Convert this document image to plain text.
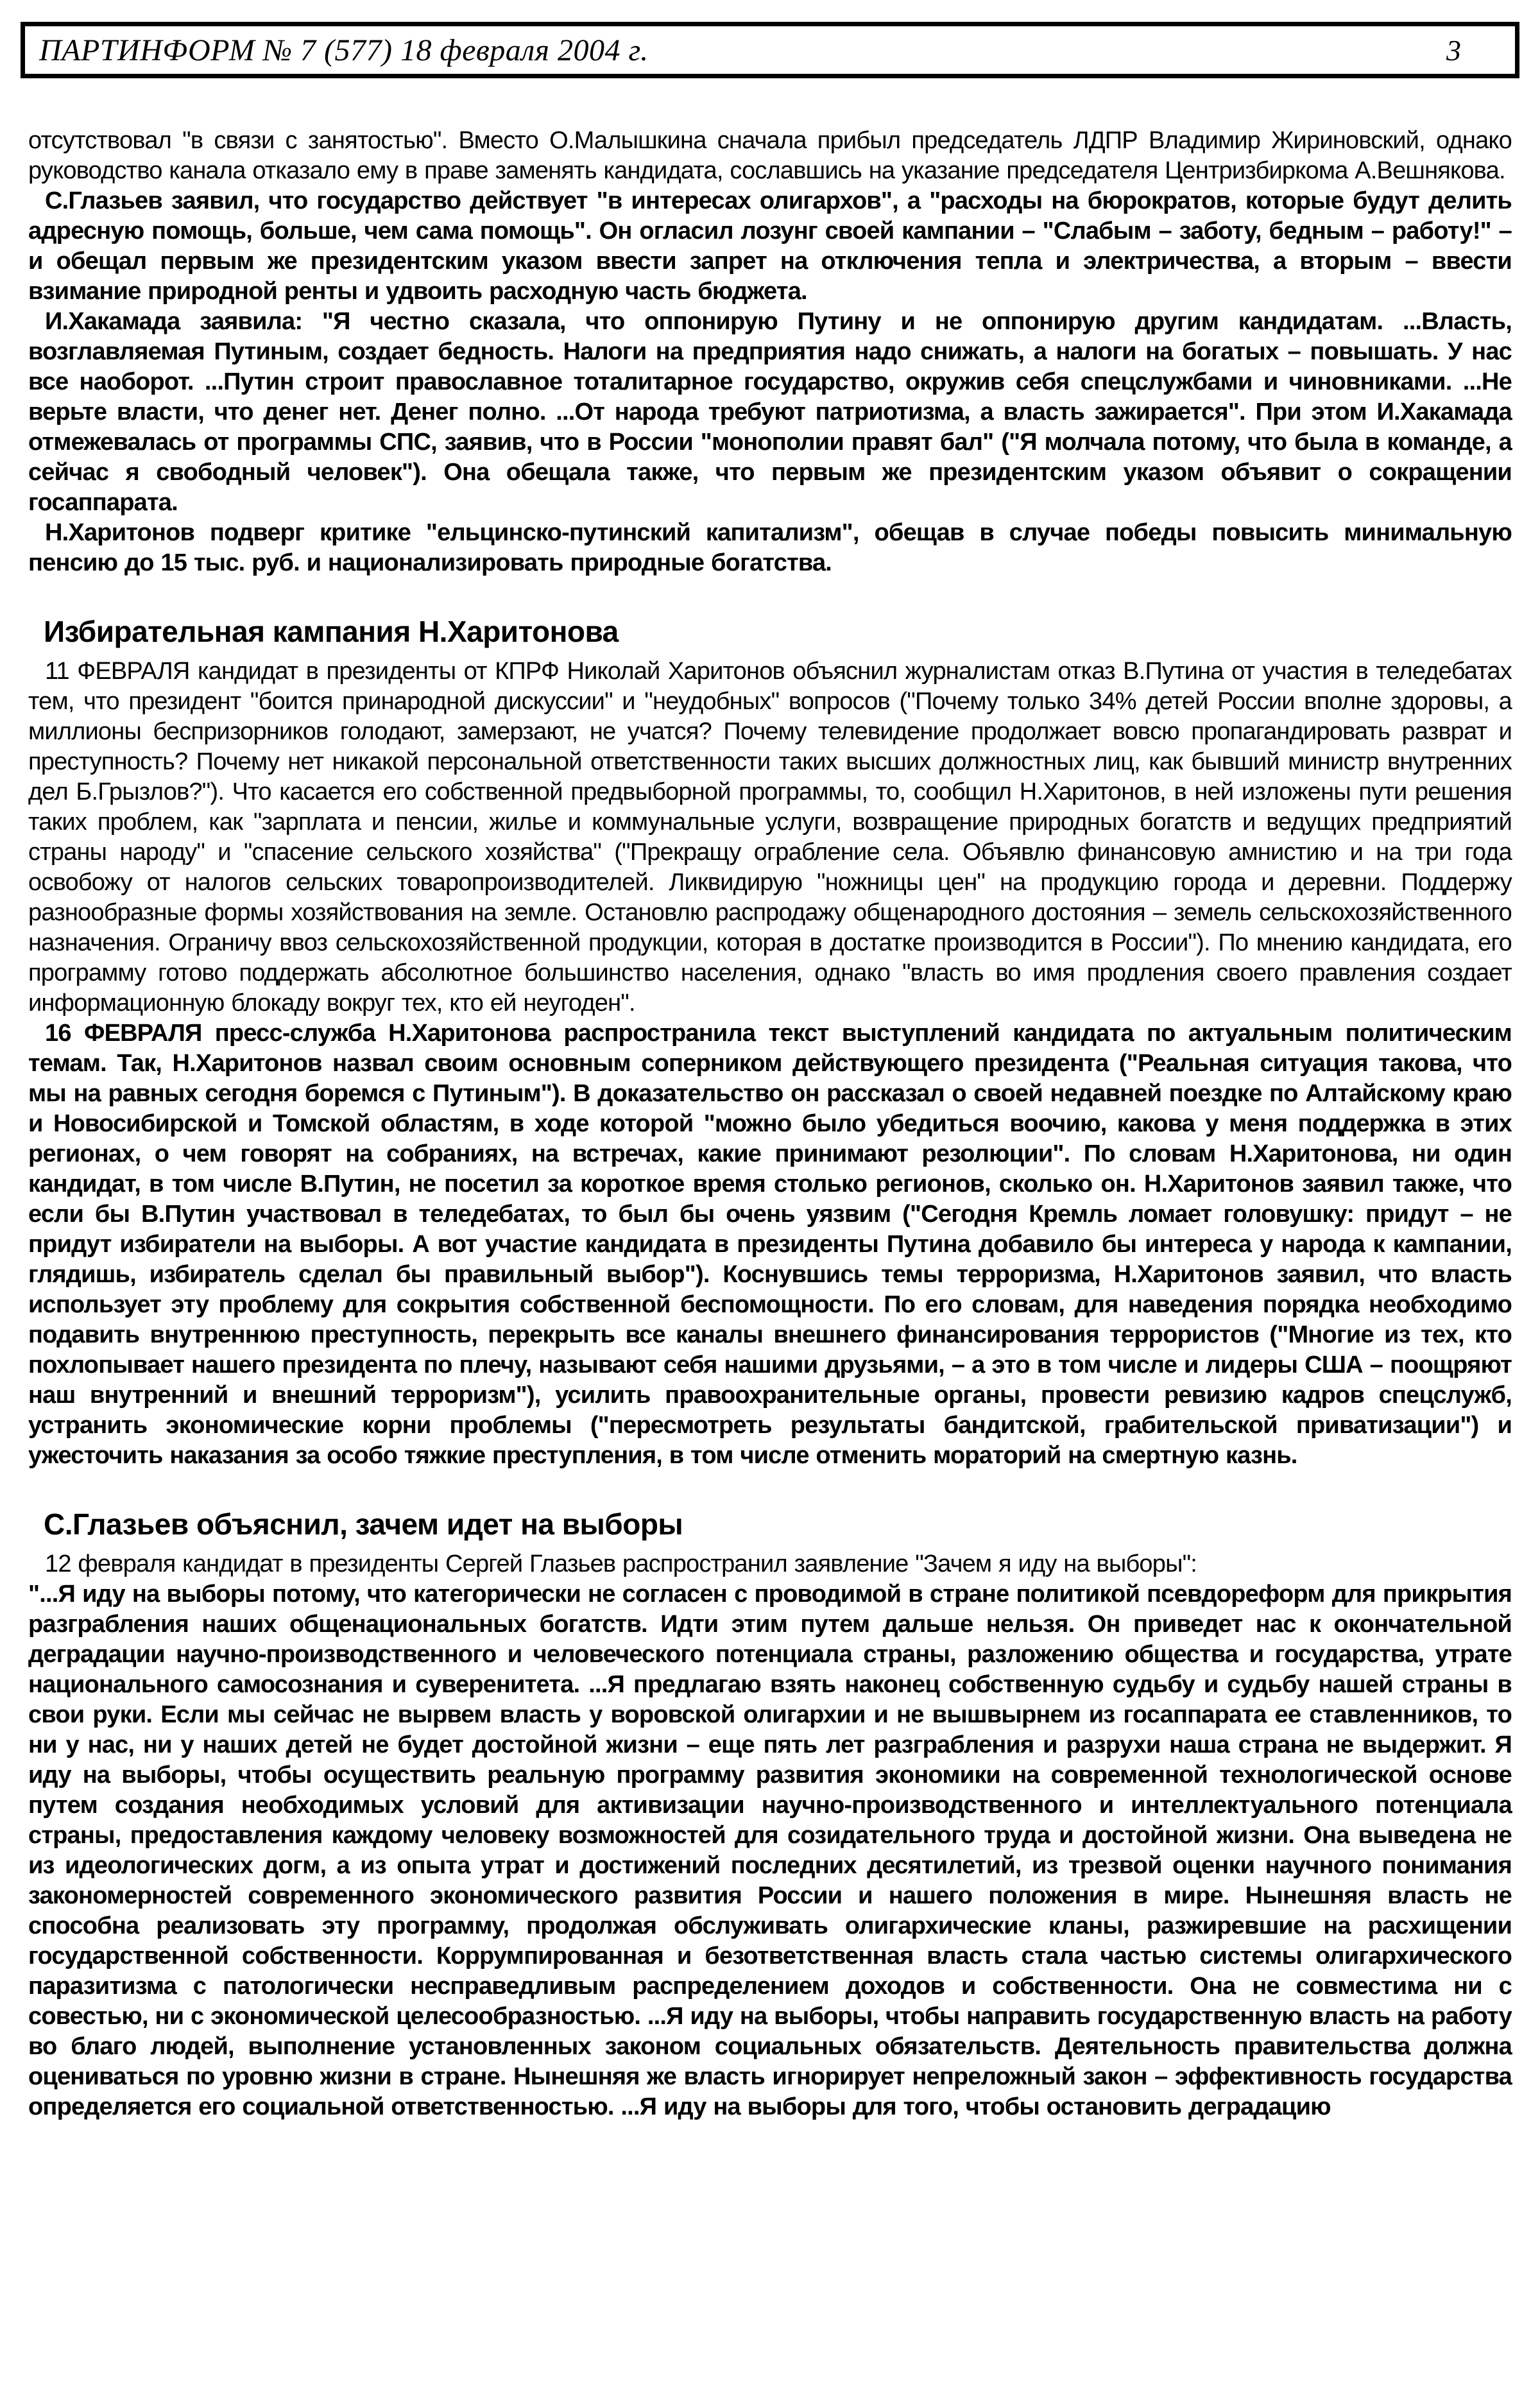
ПАРТИНФОРМ № 7 (577) 18 февраля 2004 г.	3

отсутствовал "в связи с занятостью". Вместо О.Малышкина сначала прибыл председатель ЛДПР Владимир Жириновский, однако руководство канала отказало ему в праве заменять кандидата, сославшись на указание председателя Центризбиркома А.Вешнякова.

С.Глазьев заявил, что государство действует "в интересах олигархов", а "расходы на бюрократов, которые будут делить адресную помощь, больше, чем сама помощь". Он огласил лозунг своей кампании – "Слабым – заботу, бедным – работу!" – и обещал первым же президентским указом ввести запрет на отключения тепла и электричества, а вторым – ввести взимание природной ренты и удвоить расходную часть бюджета.

И.Хакамада заявила: "Я честно сказала, что оппонирую Путину и не оппонирую другим кандидатам. ...Власть, возглавляемая Путиным, создает бедность. Налоги на предприятия надо снижать, а налоги на богатых – повышать. У нас все наоборот. ...Путин строит православное тоталитарное государство, окружив себя спецслужбами и чиновниками. ...Не верьте власти, что денег нет. Денег полно. ...От народа требуют патриотизма, а власть зажирается". При этом И.Хакамада отмежевалась от программы СПС, заявив, что в России "монополии правят бал" ("Я молчала потому, что была в команде, а сейчас я свободный человек"). Она обещала также, что первым же президентским указом объявит о сокращении госаппарата.

Н.Харитонов подверг критике "ельцинско-путинский капитализм", обещав в случае победы повысить минимальную пенсию до 15 тыс. руб. и национализировать природные богатства.

Избирательная кампания Н.Харитонова

11 ФЕВРАЛЯ кандидат в президенты от КПРФ Николай Харитонов объяснил журналистам отказ В.Путина от участия в теледебатах тем, что президент "боится принародной дискуссии" и "неудобных" вопросов ("Почему только 34% детей России вполне здоровы, а миллионы беспризорников голодают, замерзают, не учатся? Почему телевидение продолжает вовсю пропагандировать разврат и преступность? Почему нет никакой персональной ответственности таких высших должностных лиц, как бывший министр внутренних дел Б.Грызлов?"). Что касается его собственной предвыборной программы, то, сообщил Н.Харитонов, в ней изложены пути решения таких проблем, как "зарплата и пенсии, жилье и коммунальные услуги, возвращение природных богатств и ведущих предприятий страны народу" и "спасение сельского хозяйства" ("Прекращу ограбление села. Объявлю финансовую амнистию и на три года освобожу от налогов сельских товаропроизводителей. Ликвидирую "ножницы цен" на продукцию города и деревни. Поддержу разнообразные формы хозяйствования на земле. Остановлю распродажу общенародного достояния – земель сельскохозяйственного назначения. Ограничу ввоз сельскохозяйственной продукции, которая в достатке производится в России"). По мнению кандидата, его программу готово поддержать абсолютное большинство населения, однако "власть во имя продления своего правления создает информационную блокаду вокруг тех, кто ей неугоден".

16 ФЕВРАЛЯ пресс-служба Н.Харитонова распространила текст выступлений кандидата по актуальным политическим темам. Так, Н.Харитонов назвал своим основным соперником действующего президента ("Реальная ситуация такова, что мы на равных сегодня боремся с Путиным"). В доказательство он рассказал о своей недавней поездке по Алтайскому краю и Новосибирской и Томской областям, в ходе которой "можно было убедиться воочию, какова у меня поддержка в этих регионах, о чем говорят на собраниях, на встречах, какие принимают резолюции". По словам Н.Харитонова, ни один кандидат, в том числе В.Путин, не посетил за короткое время столько регионов, сколько он. Н.Харитонов заявил также, что если бы В.Путин участвовал в теледебатах, то был бы очень уязвим ("Сегодня Кремль ломает головушку: придут – не придут избиратели на выборы. А вот участие кандидата в президенты Путина добавило бы интереса у народа к кампании, глядишь, избиратель сделал бы правильный выбор"). Коснувшись темы терроризма, Н.Харитонов заявил, что власть использует эту проблему для сокрытия собственной беспомощности. По его словам, для наведения порядка необходимо подавить внутреннюю преступность, перекрыть все каналы внешнего финансирования террористов ("Многие из тех, кто похлопывает нашего президента по плечу, называют себя нашими друзьями, – а это в том числе и лидеры США – поощряют наш внутренний и внешний терроризм"), усилить правоохранительные органы, провести ревизию кадров спецслужб, устранить экономические корни проблемы ("пересмотреть результаты бандитской, грабительской приватизации") и ужесточить наказания за особо тяжкие преступления, в том числе отменить мораторий на смертную казнь.

С.Глазьев объяснил, зачем идет на выборы

12 февраля кандидат в президенты Сергей Глазьев распространил заявление "Зачем я иду на выборы":

"...Я иду на выборы потому, что категорически не согласен с проводимой в стране политикой псевдореформ для прикрытия разграбления наших общенациональных богатств. Идти этим путем дальше нельзя. Он приведет нас к окончательной деградации научно-производственного и человеческого потенциала страны, разложению общества и государства, утрате национального самосознания и суверенитета. ...Я предлагаю взять наконец собственную судьбу и судьбу нашей страны в свои руки. Если мы сейчас не вырвем власть у воровской олигархии и не вышвырнем из госаппарата ее ставленников, то ни у нас, ни у наших детей не будет достойной жизни – еще пять лет разграбления и разрухи наша страна не выдержит. Я иду на выборы, чтобы осуществить реальную программу развития экономики на современной технологической основе путем создания необходимых условий для активизации научно-производственного и интеллектуального потенциала страны, предоставления каждому человеку возможностей для созидательного труда и достойной жизни. Она выведена не из идеологических догм, а из опыта утрат и достижений последних десятилетий, из трезвой оценки научного понимания закономерностей современного экономического развития России и нашего положения в мире. Нынешняя власть не способна реализовать эту программу, продолжая обслуживать олигархические кланы, разжиревшие на расхищении государственной собственности. Коррумпированная и безответственная власть стала частью системы олигархического паразитизма с патологически несправедливым распределением доходов и собственности. Она не совместима ни с совестью, ни с экономической целесообразностью. ...Я иду на выборы, чтобы направить государственную власть на работу во благо людей, выполнение установленных законом социальных обязательств. Деятельность правительства должна оцениваться по уровню жизни в стране. Нынешняя же власть игнорирует непреложный закон – эффективность государства определяется его социальной ответственностью. ...Я иду на выборы для того, чтобы остановить деградацию
